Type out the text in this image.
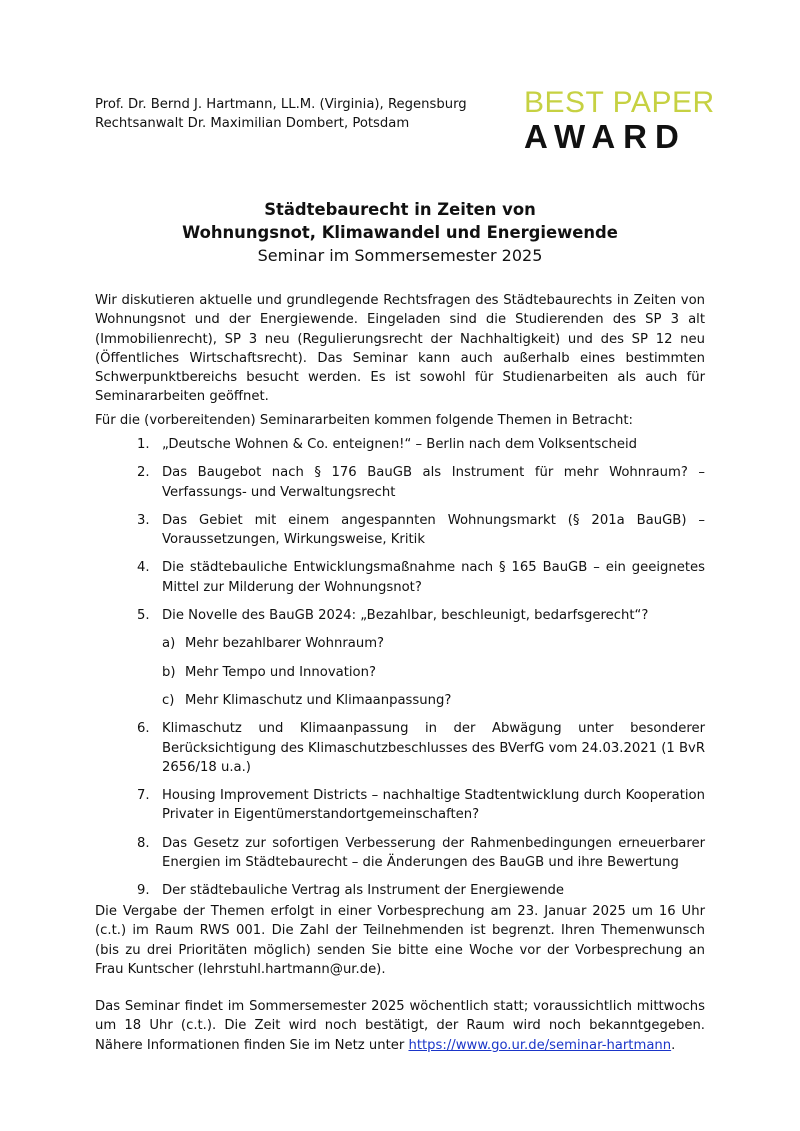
Prof. Dr. Bernd J. Hartmann, LL.M. (Virginia), Regensburg
Rechtsanwalt Dr. Maximilian Dombert, Potsdam
BEST PAPER
AWARD
Städtebaurecht in Zeiten von
Wohnungsnot, Klimawandel und Energiewende
Seminar im Sommersemester 2025

Wir diskutieren aktuelle und grundlegende Rechtsfragen des Städtebaurechts in Zeiten von Wohnungsnot und der Energiewende. Eingeladen sind die Studierenden des SP 3 alt (Immobilienrecht), SP 3 neu (Regulierungsrecht der Nachhaltigkeit) und des SP 12 neu (Öffentliches Wirtschaftsrecht). Das Seminar kann auch außerhalb eines bestimmten Schwerpunktbereichs besucht werden. Es ist sowohl für Studienarbeiten als auch für Seminararbeiten geöffnet.

Für die (vorbereitenden) Seminararbeiten kommen folgende Themen in Betracht:

1. „Deutsche Wohnen & Co. enteignen!“ – Berlin nach dem Volksentscheid
2. Das Baugebot nach § 176 BauGB als Instrument für mehr Wohnraum? – Verfassungs- und Verwaltungsrecht
3. Das Gebiet mit einem angespannten Wohnungsmarkt (§ 201a BauGB) – Voraussetzungen, Wirkungsweise, Kritik
4. Die städtebauliche Entwicklungsmaßnahme nach § 165 BauGB – ein geeignetes Mittel zur Milderung der Wohnungsnot?
5. Die Novelle des BauGB 2024: „Bezahlbar, beschleunigt, bedarfsgerecht“?
a) Mehr bezahlbarer Wohnraum?
b) Mehr Tempo und Innovation?
c) Mehr Klimaschutz und Klimaanpassung?
6. Klimaschutz und Klimaanpassung in der Abwägung unter besonderer Berücksichtigung des Klimaschutzbeschlusses des BVerfG vom 24.03.2021 (1 BvR 2656/18 u.a.)
7. Housing Improvement Districts – nachhaltige Stadtentwicklung durch Kooperation Privater in Eigentümerstandortgemeinschaften?
8. Das Gesetz zur sofortigen Verbesserung der Rahmenbedingungen erneuerbarer Energien im Städtebaurecht – die Änderungen des BauGB und ihre Bewertung
9. Der städtebauliche Vertrag als Instrument der Energiewende

Die Vergabe der Themen erfolgt in einer Vorbesprechung am 23. Januar 2025 um 16 Uhr (c.t.) im Raum RWS 001. Die Zahl der Teilnehmenden ist begrenzt. Ihren Themenwunsch (bis zu drei Prioritäten möglich) senden Sie bitte eine Woche vor der Vorbesprechung an Frau Kuntscher (lehrstuhl.hartmann@ur.de).

Das Seminar findet im Sommersemester 2025 wöchentlich statt; voraussichtlich mittwochs um 18 Uhr (c.t.). Die Zeit wird noch bestätigt, der Raum wird noch bekanntgegeben. Nähere Informationen finden Sie im Netz unter https://www.go.ur.de/seminar-hartmann.
